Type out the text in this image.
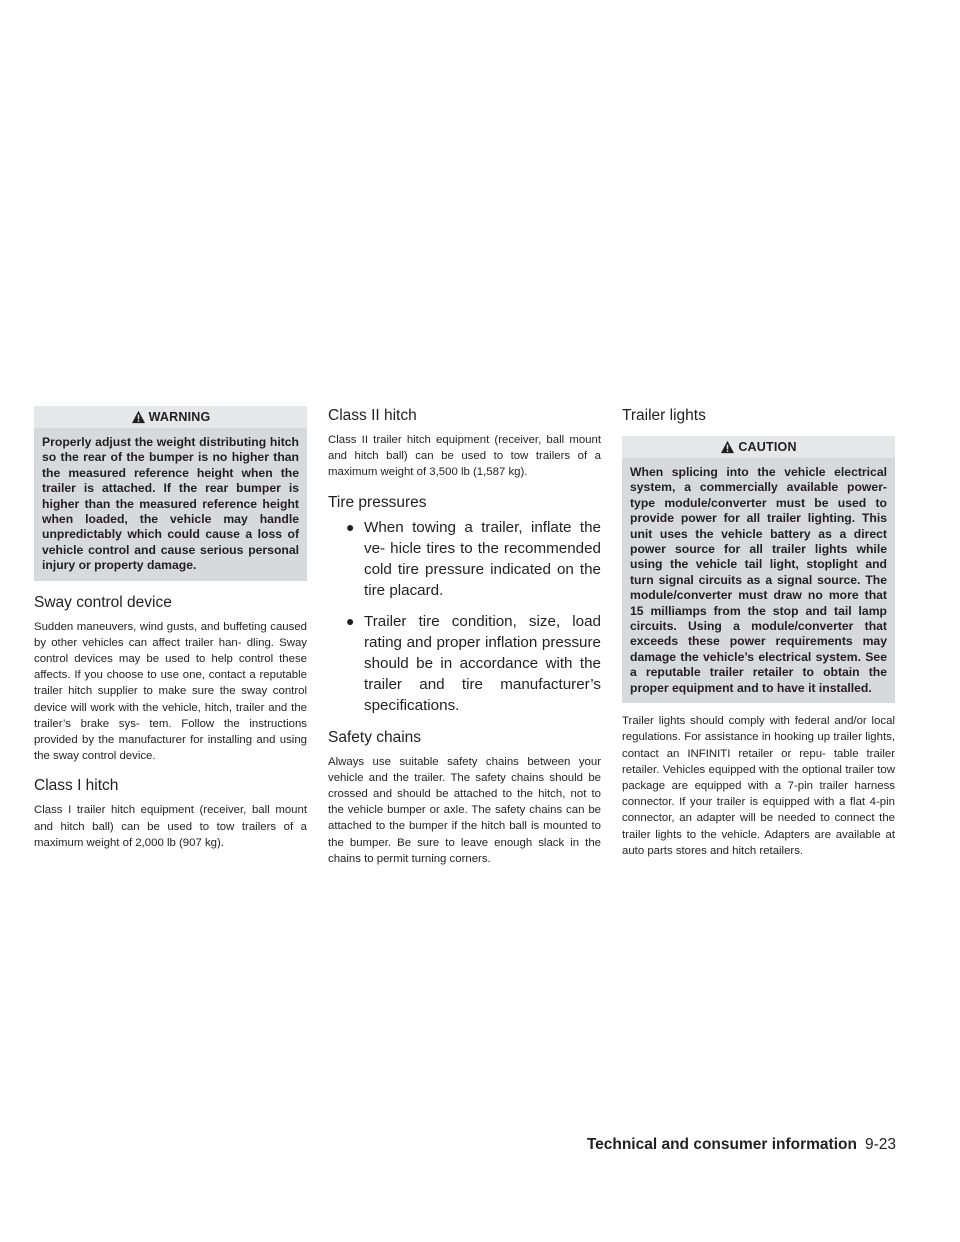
WARNING
Properly adjust the weight distributing hitch so the rear of the bumper is no higher than the measured reference height when the trailer is attached. If the rear bumper is higher than the measured reference height when loaded, the vehicle may handle unpredictably which could cause a loss of vehicle control and cause serious personal injury or property damage.
Sway control device

Sudden maneuvers, wind gusts, and buffeting caused by other vehicles can affect trailer han- dling. Sway control devices may be used to help control these affects. If you choose to use one, contact a reputable trailer hitch supplier to make sure the sway control device will work with the vehicle, hitch, trailer and the trailer’s brake sys- tem. Follow the instructions provided by the manufacturer for installing and using the sway control device.

Class I hitch

Class I trailer hitch equipment (receiver, ball mount and hitch ball) can be used to tow trailers of a maximum weight of 2,000 lb (907 kg).

Class II hitch

Class II trailer hitch equipment (receiver, ball mount and hitch ball) can be used to tow trailers of a maximum weight of 3,500 lb (1,587 kg).

Tire pressures
● When towing a trailer, inflate the ve- hicle tires to the recommended cold tire pressure indicated on the tire placard.
● Trailer tire condition, size, load rating and proper inflation pressure should be in accordance with the trailer and tire manufacturer’s specifications.
Safety chains

Always use suitable safety chains between your vehicle and the trailer. The safety chains should be crossed and should be attached to the hitch, not to the vehicle bumper or axle. The safety chains can be attached to the bumper if the hitch ball is mounted to the bumper. Be sure to leave enough slack in the chains to permit turning corners.

Trailer lights
CAUTION
When splicing into the vehicle electrical system, a commercially available power- type module/converter must be used to provide power for all trailer lighting. This unit uses the vehicle battery as a direct power source for all trailer lights while using the vehicle tail light, stoplight and turn signal circuits as a signal source. The module/converter must draw no more that 15 milliamps from the stop and tail lamp circuits. Using a module/converter that exceeds these power requirements may damage the vehicle’s electrical system. See a reputable trailer retailer to obtain the proper equipment and to have it installed.

Trailer lights should comply with federal and/or local regulations. For assistance in hooking up trailer lights, contact an INFINITI retailer or repu- table trailer retailer. Vehicles equipped with the optional trailer tow package are equipped with a 7-pin trailer harness connector. If your trailer is equipped with a flat 4-pin connector, an adapter will be needed to connect the trailer lights to the vehicle. Adapters are available at auto parts stores and hitch retailers.

Technical and consumer information 9-23
